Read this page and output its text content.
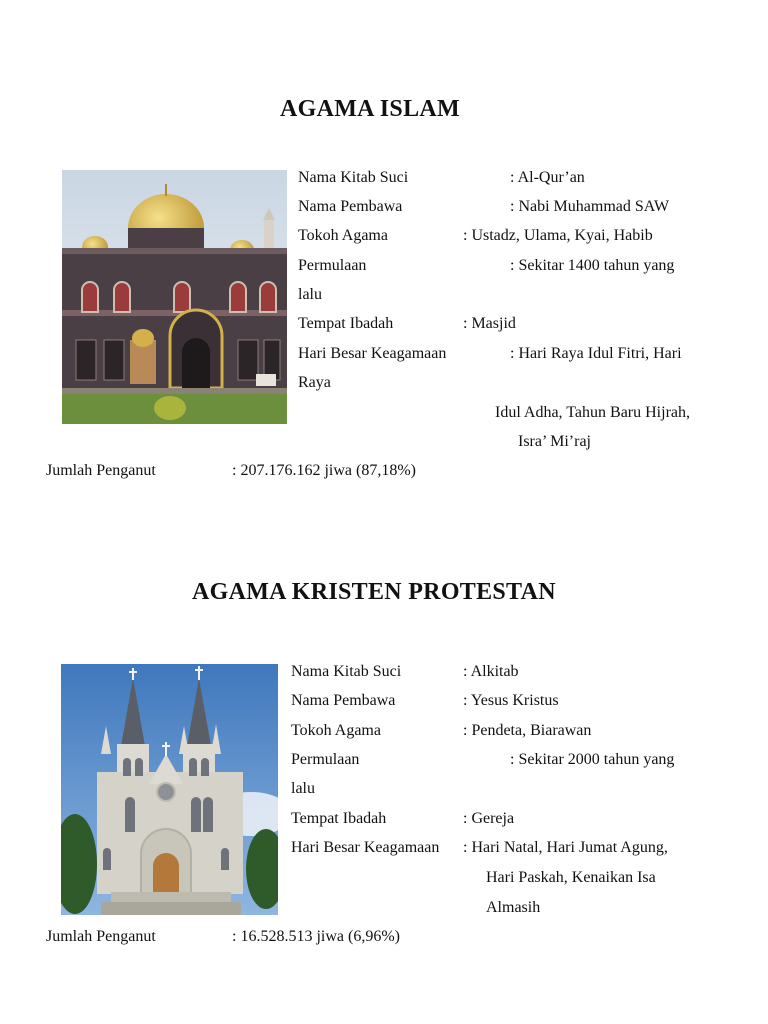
AGAMA ISLAM
Nama Kitab Suci	: Al-Qur’an
Nama Pembawa	: Nabi Muhammad SAW
Tokoh Agama	: Ustadz, Ulama, Kyai, Habib
Permulaan	: Sekitar 1400 tahun yang
lalu
Tempat Ibadah	: Masjid
Hari Besar Keagamaan	: Hari Raya Idul Fitri, Hari
Raya
Idul Adha, Tahun Baru Hijrah,
Isra’ Mi’raj
Jumlah Penganut	: 207.176.162 jiwa (87,18%)
AGAMA KRISTEN PROTESTAN
Nama Kitab Suci	: Alkitab
Nama Pembawa	: Yesus Kristus
Tokoh Agama	: Pendeta, Biarawan
Permulaan	: Sekitar 2000 tahun yang
lalu
Tempat Ibadah	: Gereja
Hari Besar Keagamaan : Hari Natal, Hari Jumat Agung,
Hari Paskah, Kenaikan Isa
Almasih
Jumlah Penganut	: 16.528.513 jiwa (6,96%)
